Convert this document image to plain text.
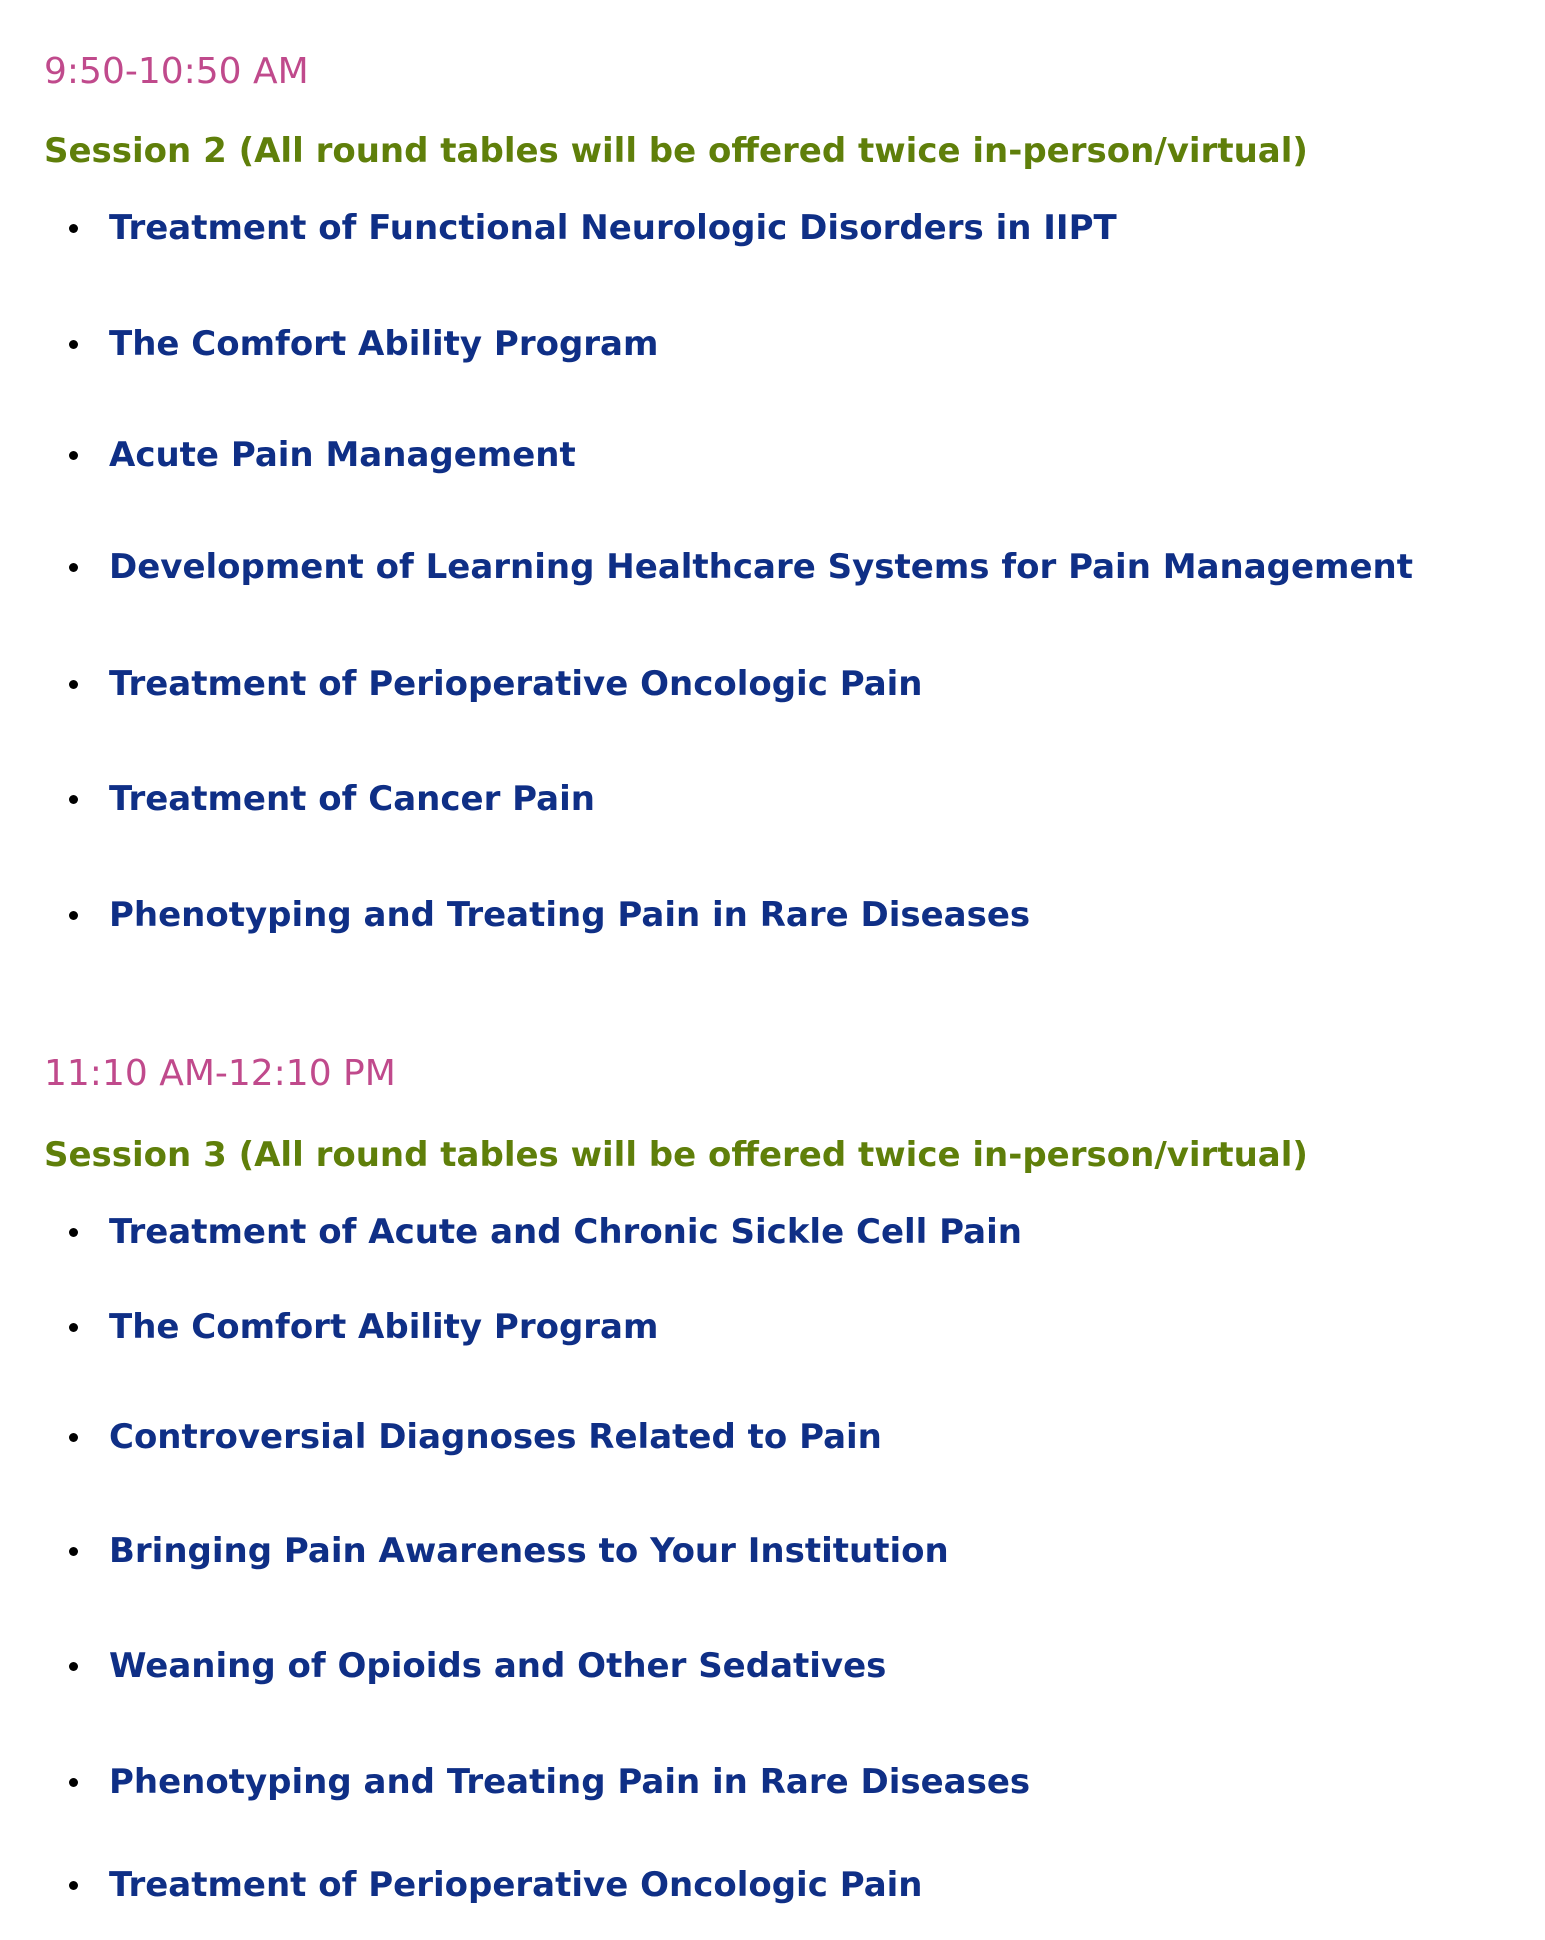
9:50-10:50 AM
Session 2 (All round tables will be offered twice in-person/virtual)
Treatment of Functional Neurologic Disorders in IIPT
The Comfort Ability Program
Acute Pain Management
Development of Learning Healthcare Systems for Pain Management
Treatment of Perioperative Oncologic Pain
Treatment of Cancer Pain
Phenotyping and Treating Pain in Rare Diseases
11:10 AM-12:10 PM
Session 3 (All round tables will be offered twice in-person/virtual)
Treatment of Acute and Chronic Sickle Cell Pain
The Comfort Ability Program
Controversial Diagnoses Related to Pain
Bringing Pain Awareness to Your Institution
Weaning of Opioids and Other Sedatives
Phenotyping and Treating Pain in Rare Diseases
Treatment of Perioperative Oncologic Pain
